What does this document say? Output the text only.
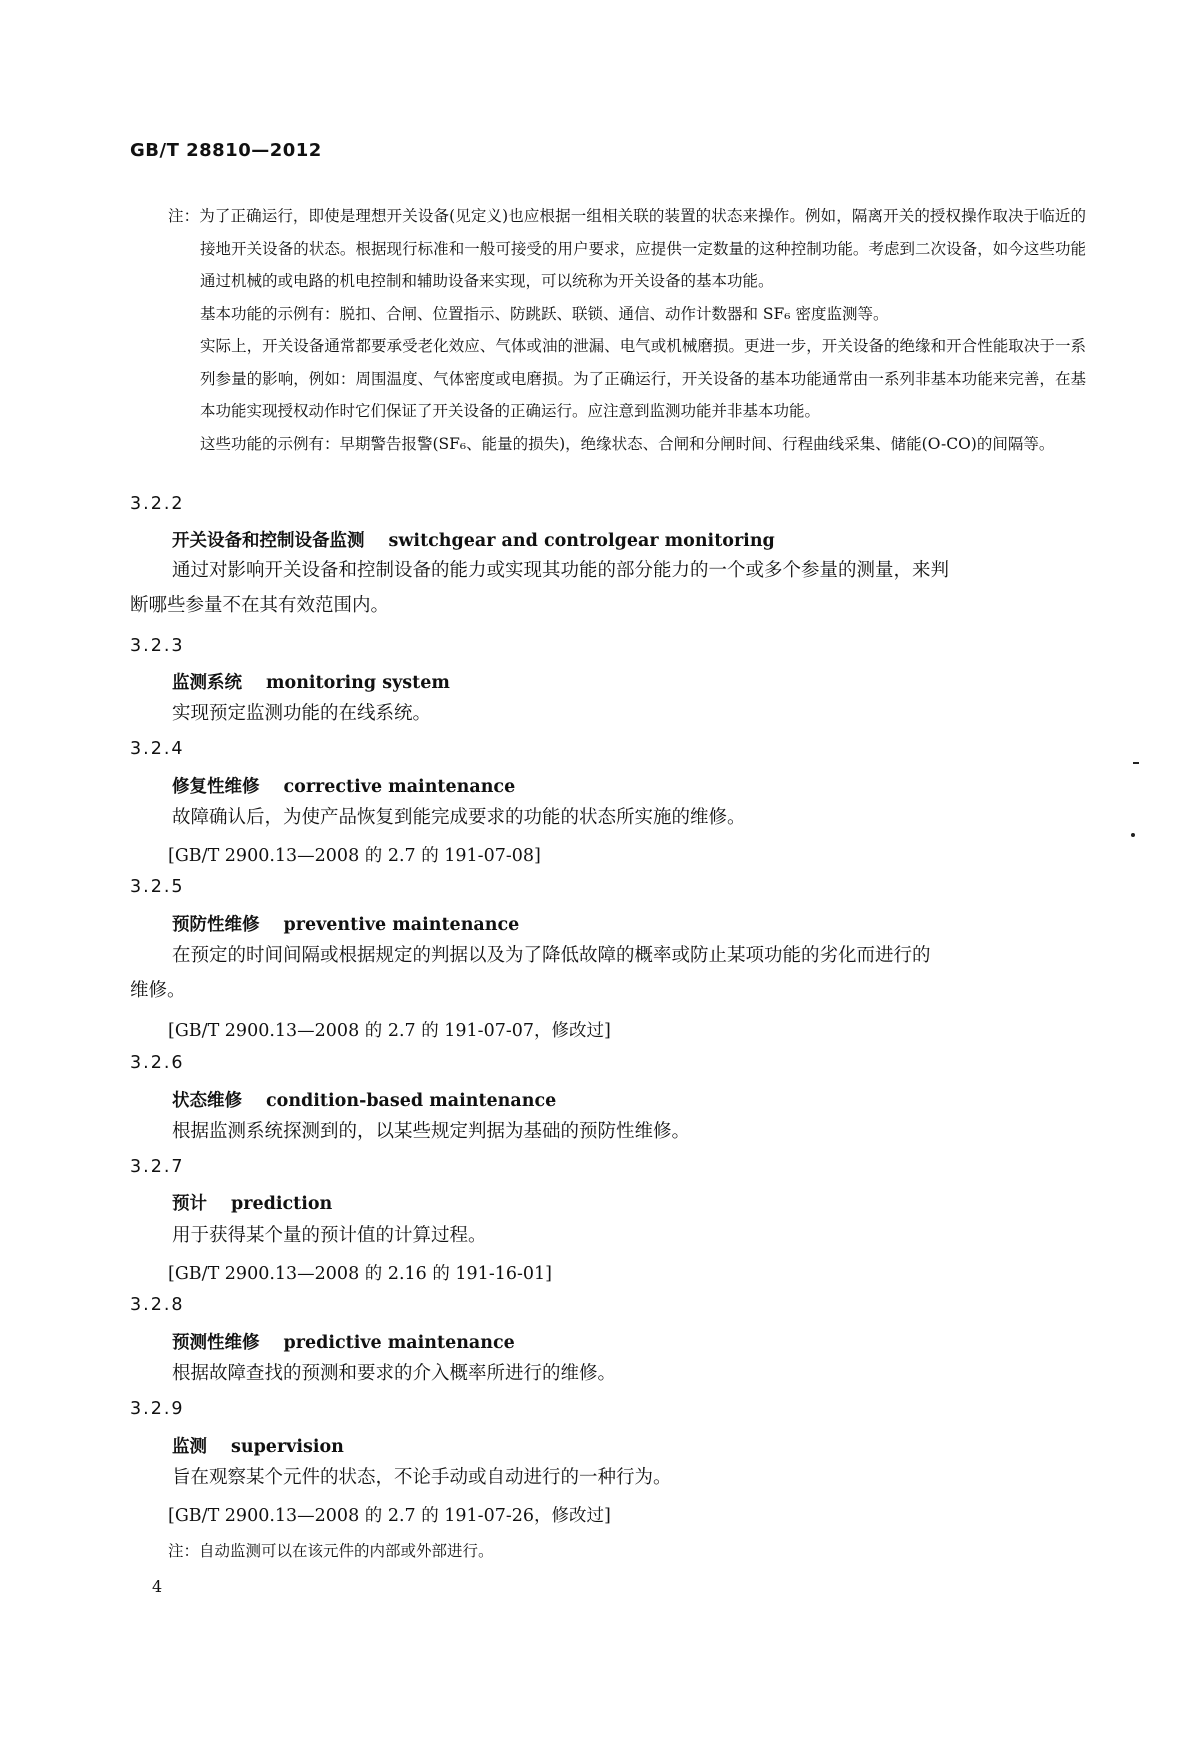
GB/T 28810—2012

注：为了正确运行，即使是理想开关设备(见定义)也应根据一组相关联的装置的状态来操作。例如，隔离开关的授权操作取决于临近的接地开关设备的状态。根据现行标准和一般可接受的用户要求，应提供一定数量的这种控制功能。考虑到二次设备，如今这些功能通过机械的或电路的机电控制和辅助设备来实现，可以统称为开关设备的基本功能。

基本功能的示例有：脱扣、合闸、位置指示、防跳跃、联锁、通信、动作计数器和 SF₆ 密度监测等。

实际上，开关设备通常都要承受老化效应、气体或油的泄漏、电气或机械磨损。更进一步，开关设备的绝缘和开合性能取决于一系列参量的影响，例如：周围温度、气体密度或电磨损。为了正确运行，开关设备的基本功能通常由一系列非基本功能来完善，在基本功能实现授权动作时它们保证了开关设备的正确运行。应注意到监测功能并非基本功能。

这些功能的示例有：早期警告报警(SF₆、能量的损失)，绝缘状态、合闸和分闸时间、行程曲线采集、储能(O-CO)的间隔等。

3.2.2
开关设备和控制设备监测 switchgear and controlgear monitoring
通过对影响开关设备和控制设备的能力或实现其功能的部分能力的一个或多个参量的测量，来判
断哪些参量不在其有效范围内。
3.2.3
监测系统 monitoring system
实现预定监测功能的在线系统。
3.2.4
修复性维修 corrective maintenance
故障确认后，为使产品恢复到能完成要求的功能的状态所实施的维修。
[GB/T 2900.13—2008 的 2.7 的 191-07-08]
3.2.5
预防性维修 preventive maintenance
在预定的时间间隔或根据规定的判据以及为了降低故障的概率或防止某项功能的劣化而进行的
维修。
[GB/T 2900.13—2008 的 2.7 的 191-07-07，修改过]
3.2.6
状态维修 condition-based maintenance
根据监测系统探测到的，以某些规定判据为基础的预防性维修。
3.2.7
预计 prediction
用于获得某个量的预计值的计算过程。
[GB/T 2900.13—2008 的 2.16 的 191-16-01]
3.2.8
预测性维修 predictive maintenance
根据故障查找的预测和要求的介入概率所进行的维修。
3.2.9
监测 supervision
旨在观察某个元件的状态，不论手动或自动进行的一种行为。
[GB/T 2900.13—2008 的 2.7 的 191-07-26，修改过]
注：自动监测可以在该元件的内部或外部进行。
4
